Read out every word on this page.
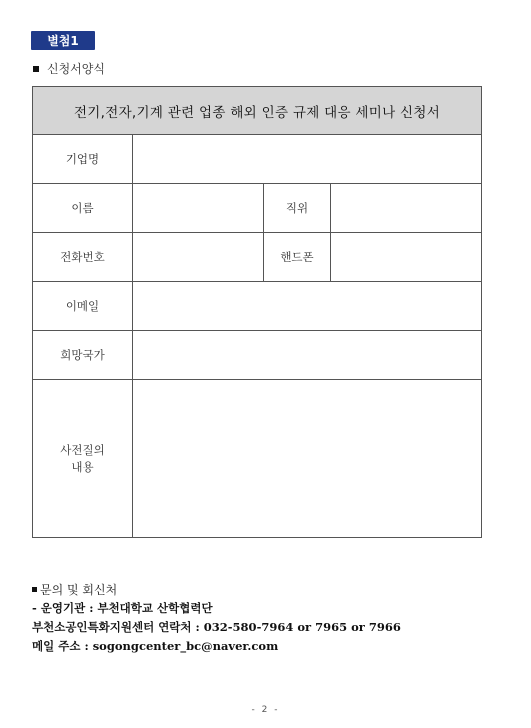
별첨1
신청서양식
전기,전자,기계 관련 업종 해외 인증 규제 대응 세미나 신청서			
기업명			
이름		직위	
전화번호		핸드폰	
이메일			
희망국가			

사전질의
내용			

문의 및 회신처
- 운영기관 : 부천대학교 산학협력단
부천소공인특화지원센터 연락처 : 032-580-7964 or 7965 or 7966
메일 주소 : sogongcenter_bc@naver.com
- 2 -
